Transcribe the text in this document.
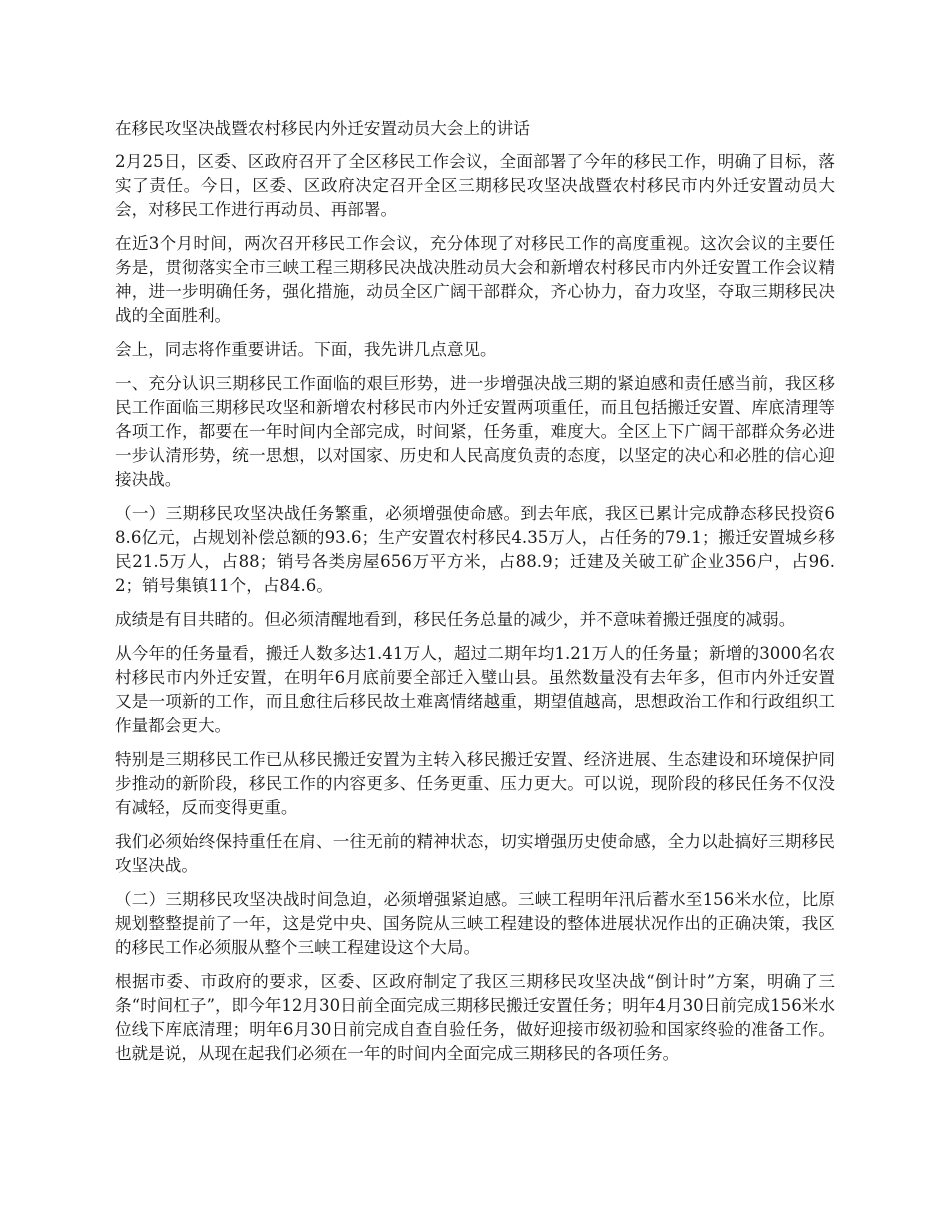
在移民攻坚决战暨农村移民内外迁安置动员大会上的讲话

2月25日，区委、区政府召开了全区移民工作会议，全面部署了今年的移民工作，明确了目标，落实了责任。今日，区委、区政府决定召开全区三期移民攻坚决战暨农村移民市内外迁安置动员大会，对移民工作进行再动员、再部署。

在近3个月时间，两次召开移民工作会议，充分体现了对移民工作的高度重视。这次会议的主要任务是，贯彻落实全市三峡工程三期移民决战决胜动员大会和新增农村移民市内外迁安置工作会议精神，进一步明确任务，强化措施，动员全区广阔干部群众，齐心协力，奋力攻坚，夺取三期移民决战的全面胜利。

会上，同志将作重要讲话。下面，我先讲几点意见。

一、充分认识三期移民工作面临的艰巨形势，进一步增强决战三期的紧迫感和责任感当前，我区移民工作面临三期移民攻坚和新增农村移民市内外迁安置两项重任，而且包括搬迁安置、库底清理等各项工作，都要在一年时间内全部完成，时间紧，任务重，难度大。全区上下广阔干部群众务必进一步认清形势，统一思想，以对国家、历史和人民高度负责的态度，以坚定的决心和必胜的信心迎接决战。

（一）三期移民攻坚决战任务繁重，必须增强使命感。到去年底，我区已累计完成静态移民投资68.6亿元，占规划补偿总额的93.6；生产安置农村移民4.35万人，占任务的79.1；搬迁安置城乡移民21.5万人，占88；销号各类房屋656万平方米，占88.9；迁建及关破工矿企业356户，占96.2；销号集镇11个，占84.6。

成绩是有目共睹的。但必须清醒地看到，移民任务总量的减少，并不意味着搬迁强度的减弱。

从今年的任务量看，搬迁人数多达1.41万人，超过二期年均1.21万人的任务量；新增的3000名农村移民市内外迁安置，在明年6月底前要全部迁入璧山县。虽然数量没有去年多，但市内外迁安置又是一项新的工作，而且愈往后移民故土难离情绪越重，期望值越高，思想政治工作和行政组织工作量都会更大。

特别是三期移民工作已从移民搬迁安置为主转入移民搬迁安置、经济进展、生态建设和环境保护同步推动的新阶段，移民工作的内容更多、任务更重、压力更大。可以说，现阶段的移民任务不仅没有减轻，反而变得更重。

我们必须始终保持重任在肩、一往无前的精神状态，切实增强历史使命感，全力以赴搞好三期移民攻坚决战。

（二）三期移民攻坚决战时间急迫，必须增强紧迫感。三峡工程明年汛后蓄水至156米水位，比原规划整整提前了一年，这是党中央、国务院从三峡工程建设的整体进展状况作出的正确决策，我区的移民工作必须服从整个三峡工程建设这个大局。

根据市委、市政府的要求，区委、区政府制定了我区三期移民攻坚决战“倒计时”方案，明确了三条“时间杠子”，即今年12月30日前全面完成三期移民搬迁安置任务；明年4月30日前完成156米水位线下库底清理；明年6月30日前完成自查自验任务，做好迎接市级初验和国家终验的准备工作。也就是说，从现在起我们必须在一年的时间内全面完成三期移民的各项任务。
